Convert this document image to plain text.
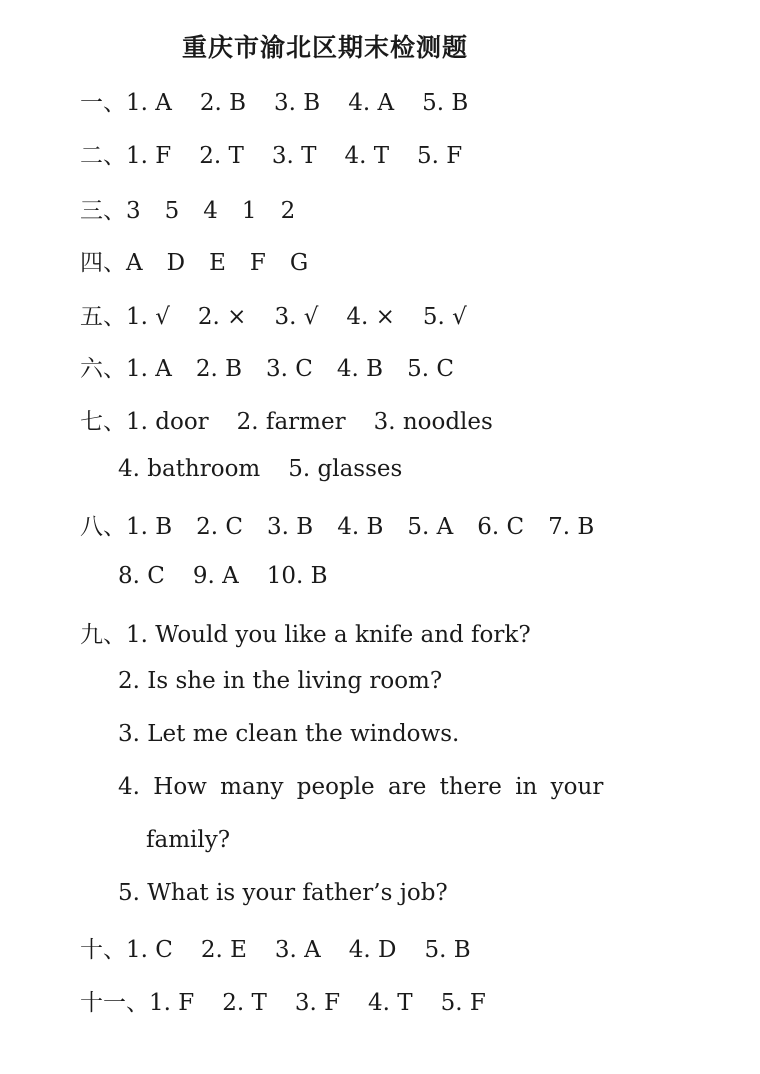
重庆市渝北区期末检测题
一、1. A 2. B 3. B 4. A 5. B
二、1. F 2. T 3. T 4. T 5. F
三、3 5 4 1 2
四、A D E F G
五、1. √ 2. × 3. √ 4. × 5. √
六、1. A 2. B 3. C 4. B 5. C
七、1. door 2. farmer 3. noodles
4. bathroom 5. glasses
八、1. B 2. C 3. B 4. B 5. A 6. C 7. B
8. C 9. A 10. B
九、1. Would you like a knife and fork?
2. Is she in the living room?
3. Let me clean the windows.
4. How many people are there in your
family?
5. What is your father’s job?
十、1. C 2. E 3. A 4. D 5. B
十一、1. F 2. T 3. F 4. T 5. F
